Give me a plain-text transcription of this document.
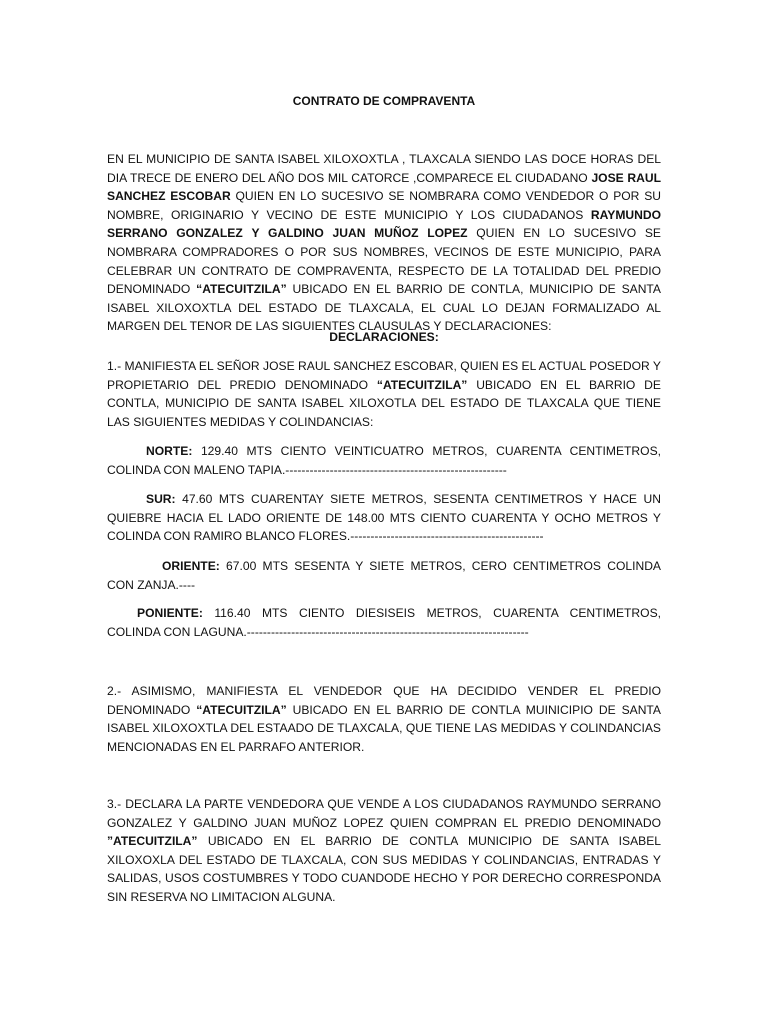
CONTRATO DE COMPRAVENTA

EN EL MUNICIPIO DE SANTA ISABEL XILOXOXTLA , TLAXCALA SIENDO LAS DOCE HORAS DEL DIA TRECE DE ENERO DEL AÑO DOS MIL CATORCE ,COMPARECE EL CIUDADANO JOSE RAUL SANCHEZ ESCOBAR QUIEN EN LO SUCESIVO SE NOMBRARA COMO VENDEDOR O POR SU NOMBRE, ORIGINARIO Y VECINO DE ESTE MUNICIPIO Y LOS CIUDADANOS RAYMUNDO SERRANO GONZALEZ Y GALDINO JUAN MUÑOZ LOPEZ QUIEN EN LO SUCESIVO SE NOMBRARA COMPRADORES O POR SUS NOMBRES, VECINOS DE ESTE MUNICIPIO, PARA CELEBRAR UN CONTRATO DE COMPRAVENTA, RESPECTO DE LA TOTALIDAD DEL PREDIO DENOMINADO “ATECUITZILA” UBICADO EN EL BARRIO DE CONTLA, MUNICIPIO DE SANTA ISABEL XILOXOXTLA DEL ESTADO DE TLAXCALA, EL CUAL LO DEJAN FORMALIZADO AL MARGEN DEL TENOR DE LAS SIGUIENTES CLAUSULAS Y DECLARACIONES:

DECLARACIONES:

1.- MANIFIESTA EL SEÑOR JOSE RAUL SANCHEZ ESCOBAR, QUIEN ES EL ACTUAL POSEDOR Y PROPIETARIO DEL PREDIO DENOMINADO “ATECUITZILA” UBICADO EN EL BARRIO DE CONTLA, MUNICIPIO DE SANTA ISABEL XILOXOTLA DEL ESTADO DE TLAXCALA QUE TIENE LAS SIGUIENTES MEDIDAS Y COLINDANCIAS:

NORTE: 129.40 MTS CIENTO VEINTICUATRO METROS, CUARENTA CENTIMETROS, COLINDA CON MALENO TAPIA.-------------------------------------------------------

SUR: 47.60 MTS CUARENTAY SIETE METROS, SESENTA CENTIMETROS Y HACE UN QUIEBRE HACIA EL LADO ORIENTE DE 148.00 MTS CIENTO CUARENTA Y OCHO METROS Y COLINDA CON RAMIRO BLANCO FLORES.------------------------------------------------

ORIENTE: 67.00 MTS SESENTA Y SIETE METROS, CERO CENTIMETROS COLINDA CON ZANJA.----

PONIENTE: 116.40 MTS CIENTO DIESISEIS METROS, CUARENTA CENTIMETROS, COLINDA CON LAGUNA.----------------------------------------------------------------------

2.- ASIMISMO, MANIFIESTA EL VENDEDOR QUE HA DECIDIDO VENDER EL PREDIO DENOMINADO “ATECUITZILA” UBICADO EN EL BARRIO DE CONTLA MUINICIPIO DE SANTA ISABEL XILOXOXTLA DEL ESTAADO DE TLAXCALA, QUE TIENE LAS MEDIDAS Y COLINDANCIAS MENCIONADAS EN EL PARRAFO ANTERIOR.

3.- DECLARA LA PARTE VENDEDORA QUE VENDE A LOS CIUDADANOS RAYMUNDO SERRANO GONZALEZ Y GALDINO JUAN MUÑOZ LOPEZ QUIEN COMPRAN EL PREDIO DENOMINADO ”ATECUITZILA” UBICADO EN EL BARRIO DE CONTLA MUNICIPIO DE SANTA ISABEL XILOXOXLA DEL ESTADO DE TLAXCALA, CON SUS MEDIDAS Y COLINDANCIAS, ENTRADAS Y SALIDAS, USOS COSTUMBRES Y TODO CUANDODE HECHO Y POR DERECHO CORRESPONDA SIN RESERVA NO LIMITACION ALGUNA.
